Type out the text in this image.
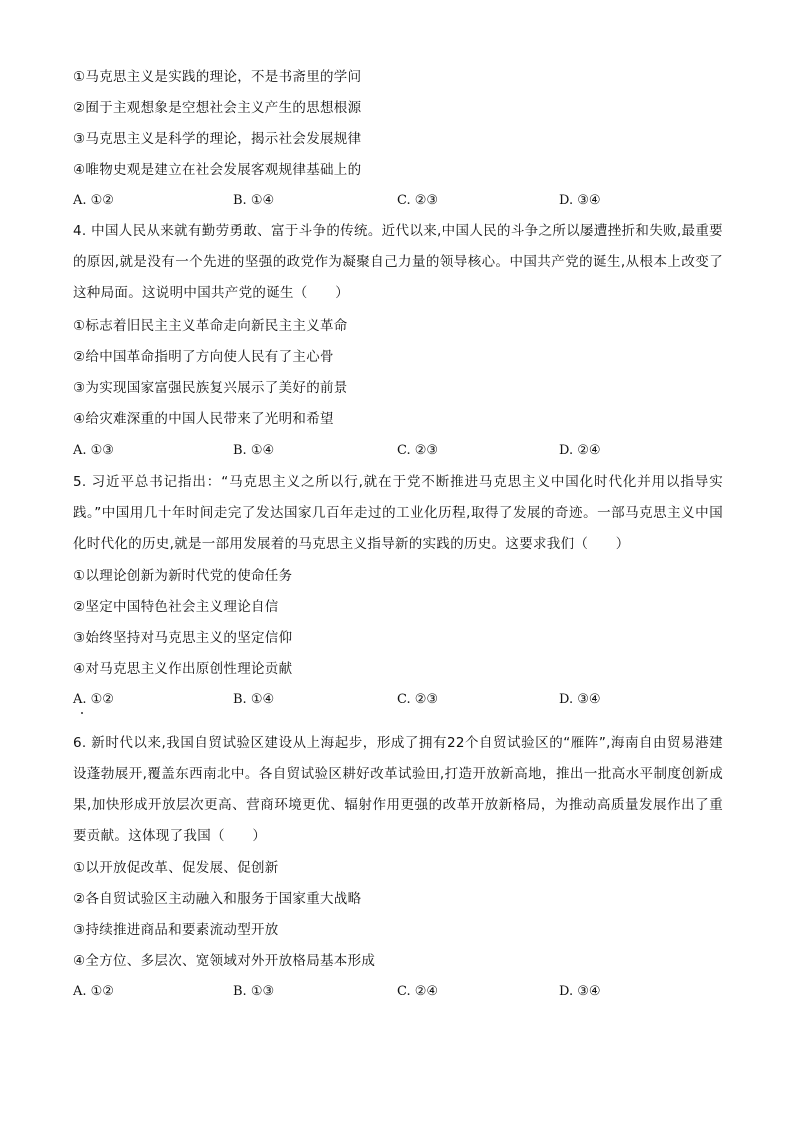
①马克思主义是实践的理论，不是书斋里的学问
②囿于主观想象是空想社会主义产生的思想根源
③马克思主义是科学的理论，揭示社会发展规律
④唯物史观是建立在社会发展客观规律基础上的
A. ①②	B. ①④	C. ②③	D. ③④
4. 中国人民从来就有勤劳勇敢、富于斗争的传统。近代以来,中国人民的斗争之所以屡遭挫折和失败,最重要的原因,就是没有一个先进的坚强的政党作为凝聚自己力量的领导核心。中国共产党的诞生,从根本上改变了这种局面。这说明中国共产党的诞生（　　）
①标志着旧民主主义革命走向新民主主义革命
②给中国革命指明了方向使人民有了主心骨
③为实现国家富强民族复兴展示了美好的前景
④给灾难深重的中国人民带来了光明和希望
A. ①③	B. ①④	C. ②③	D. ②④
5. 习近平总书记指出：“马克思主义之所以行,就在于党不断推进马克思主义中国化时代化并用以指导实践。”中国用几十年时间走完了发达国家几百年走过的工业化历程,取得了发展的奇迹。一部马克思主义中国化时代化的历史,就是一部用发展着的马克思主义指导新的实践的历史。这要求我们（　　）
①以理论创新为新时代党的使命任务
②坚定中国特色社会主义理论自信
③始终坚持对马克思主义的坚定信仰
④对马克思主义作出原创性理论贡献
A. ①②	B. ①④	C. ②③	D. ③④
6. 新时代以来,我国自贸试验区建设从上海起步，形成了拥有22个自贸试验区的“雁阵”,海南自由贸易港建设蓬勃展开,覆盖东西南北中。各自贸试验区耕好改革试验田,打造开放新高地，推出一批高水平制度创新成果,加快形成开放层次更高、营商环境更优、辐射作用更强的改革开放新格局，为推动高质量发展作出了重要贡献。这体现了我国（　　）
①以开放促改革、促发展、促创新
②各自贸试验区主动融入和服务于国家重大战略
③持续推进商品和要素流动型开放
④全方位、多层次、宽领域对外开放格局基本形成
A. ①②	B. ①③	C. ②④	D. ③④
